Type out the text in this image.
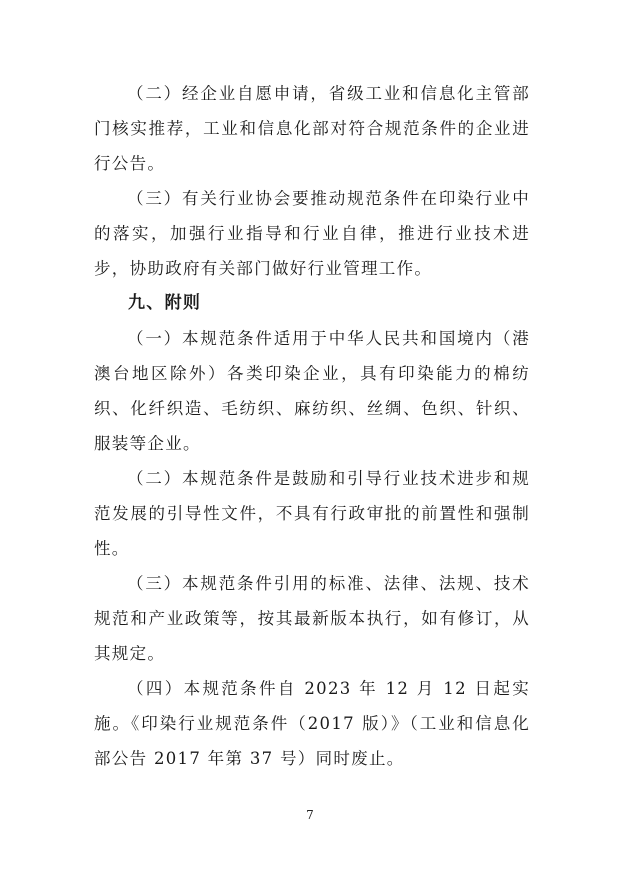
（二）经企业自愿申请，省级工业和信息化主管部门核实推荐，工业和信息化部对符合规范条件的企业进行公告。

（三）有关行业协会要推动规范条件在印染行业中的落实，加强行业指导和行业自律，推进行业技术进步，协助政府有关部门做好行业管理工作。

九、附则

（一）本规范条件适用于中华人民共和国境内（港澳台地区除外）各类印染企业，具有印染能力的棉纺织、化纤织造、毛纺织、麻纺织、丝绸、色织、针织、服装等企业。

（二）本规范条件是鼓励和引导行业技术进步和规范发展的引导性文件，不具有行政审批的前置性和强制性。

（三）本规范条件引用的标准、法律、法规、技术规范和产业政策等，按其最新版本执行，如有修订，从其规定。

（四）本规范条件自 2023 年 12 月 12 日起实施。《印染行业规范条件（2017 版）》（工业和信息化部公告 2017 年第 37 号）同时废止。

7
